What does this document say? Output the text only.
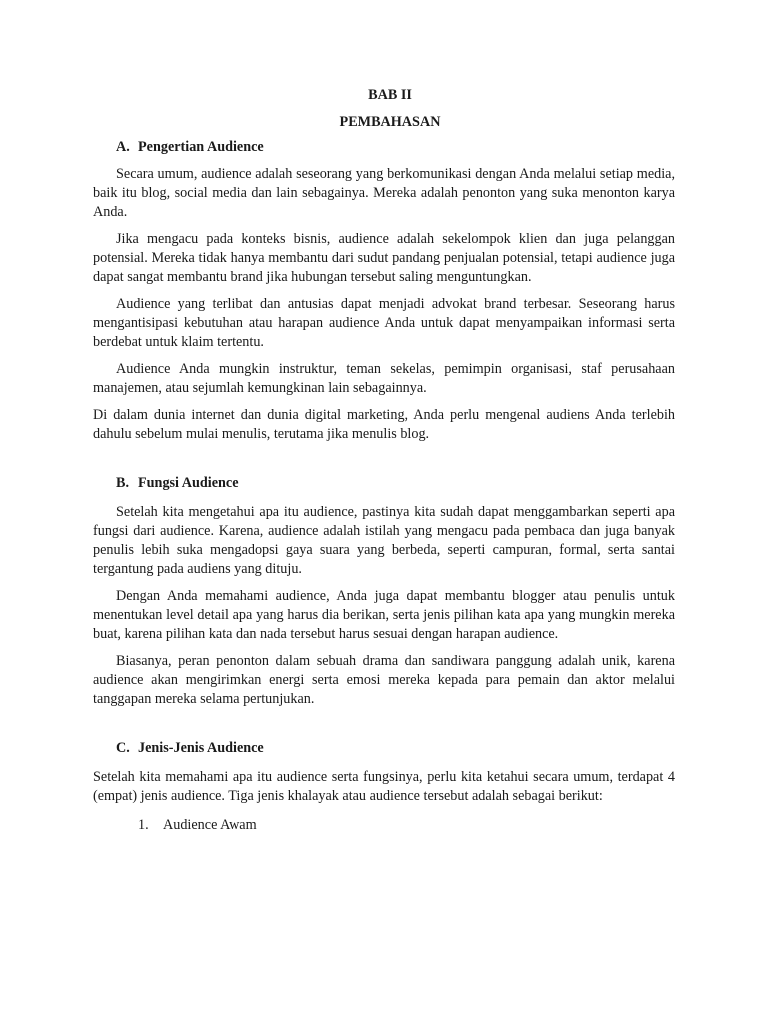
BAB II

PEMBAHASAN

A. Pengertian Audience

Secara umum, audience adalah seseorang yang berkomunikasi dengan Anda melalui setiap media, baik itu blog, social media dan lain sebagainya. Mereka adalah penonton yang suka menonton karya Anda.

Jika mengacu pada konteks bisnis, audience adalah sekelompok klien dan juga pelanggan potensial. Mereka tidak hanya membantu dari sudut pandang penjualan potensial, tetapi audience juga dapat sangat membantu brand jika hubungan tersebut saling menguntungkan.

Audience yang terlibat dan antusias dapat menjadi advokat brand terbesar. Seseorang harus mengantisipasi kebutuhan atau harapan audience Anda untuk dapat menyampaikan informasi serta berdebat untuk klaim tertentu.

Audience Anda mungkin instruktur, teman sekelas, pemimpin organisasi, staf perusahaan manajemen, atau sejumlah kemungkinan lain sebagainnya.

Di dalam dunia internet dan dunia digital marketing, Anda perlu mengenal audiens Anda terlebih dahulu sebelum mulai menulis, terutama jika menulis blog.

B. Fungsi Audience

Setelah kita mengetahui apa itu audience, pastinya kita sudah dapat menggambarkan seperti apa fungsi dari audience. Karena, audience adalah istilah yang mengacu pada pembaca dan juga banyak penulis lebih suka mengadopsi gaya suara yang berbeda, seperti campuran, formal, serta santai tergantung pada audiens yang dituju.

Dengan Anda memahami audience, Anda juga dapat membantu blogger atau penulis untuk menentukan level detail apa yang harus dia berikan, serta jenis pilihan kata apa yang mungkin mereka buat, karena pilihan kata dan nada tersebut harus sesuai dengan harapan audience.

Biasanya, peran penonton dalam sebuah drama dan sandiwara panggung adalah unik, karena audience akan mengirimkan energi serta emosi mereka kepada para pemain dan aktor melalui tanggapan mereka selama pertunjukan.

C. Jenis-Jenis Audience

Setelah kita memahami apa itu audience serta fungsinya, perlu kita ketahui secara umum, terdapat 4 (empat) jenis audience. Tiga jenis khalayak atau audience tersebut adalah sebagai berikut:

1. Audience Awam
